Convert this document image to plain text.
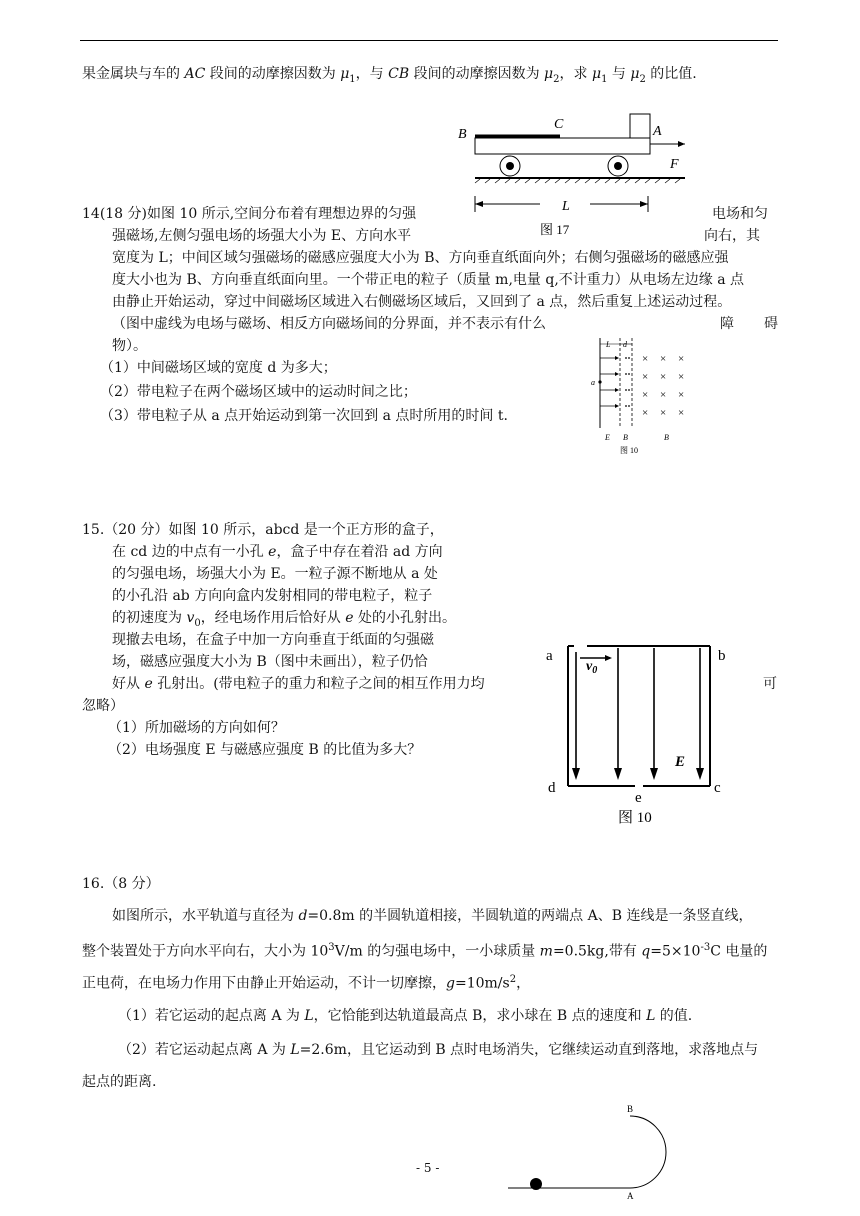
果金属块与车的 AC 段间的动摩擦因数为 $\mu_1$，与 CB 段间的动摩擦因数为 $\mu_2$，求 $\mu_1$ 与 $\mu_2$ 的比值.
B
C	A
F
L
图 17
14(18 分)如图 10 所示,空间分布着有理想边界的匀强	电场和匀
强磁场,左侧匀强电场的场强大小为 E、方向水平	向右，其
宽度为 L；中间区域匀强磁场的磁感应强度大小为 B、方向垂直纸面向外；右侧匀强磁场的磁感应强
度大小也为 B、方向垂直纸面向里。一个带正电的粒子（质量 m,电量 q,不计重力）从电场左边缘 a 点
由静止开始运动，穿过中间磁场区域进入右侧磁场区域后，又回到了 a 点，然后重复上述运动过程。
（图中虚线为电场与磁场、相反方向磁场间的分界面，并不表示有什么	障 碍
物）。
（1）中间磁场区域的宽度 d 为多大；
（2）带电粒子在两个磁场区域中的运动时间之比；
（3）带电粒子从 a 点开始运动到第一次回到 a 点时所用的时间 t.
L d
× × ×
× × ×
× × ×
× × ×
a
E B	B
图 10
15.（20 分）如图 10 所示，abcd 是一个正方形的盒子，
在 cd 边的中点有一小孔 e，盒子中存在着沿 ad 方向
的匀强电场，场强大小为 E。一粒子源不断地从 a 处
的小孔沿 ab 方向向盒内发射相同的带电粒子，粒子
的初速度为 $v_0$，经电场作用后恰好从 e 处的小孔射出。
现撤去电场，在盒子中加一方向垂直于纸面的匀强磁
场，磁感应强度大小为 B（图中未画出），粒子仍恰
好从 e 孔射出。(带电粒子的重力和粒子之间的相互作用力均	可
忽略）
（1）所加磁场的方向如何？
（2）电场强度 E 与磁感应强度 B 的比值为多大？
a	b
d	c
e
E
$v_0$
图 10
16.（8 分）
如图所示，水平轨道与直径为 d=0.8m 的半圆轨道相接，半圆轨道的两端点 A、B 连线是一条竖直线，
整个装置处于方向水平向右，大小为 $10^3V/m$ 的匀强电场中，一小球质量 m=0.5kg,带有 $q=5\times 10^{-3}C$ 电量的
正电荷，在电场力作用下由静止开始运动，不计一切摩擦，$g=10m/s^2$，
（1）若它运动的起点离 A 为 L，它恰能到达轨道最高点 B，求小球在 B 点的速度和 L 的值.
（2）若它运动起点离 A 为 L=2.6m，且它运动到 B 点时电场消失，它继续运动直到落地，求落地点与
起点的距离.
B
A
- 5 -
